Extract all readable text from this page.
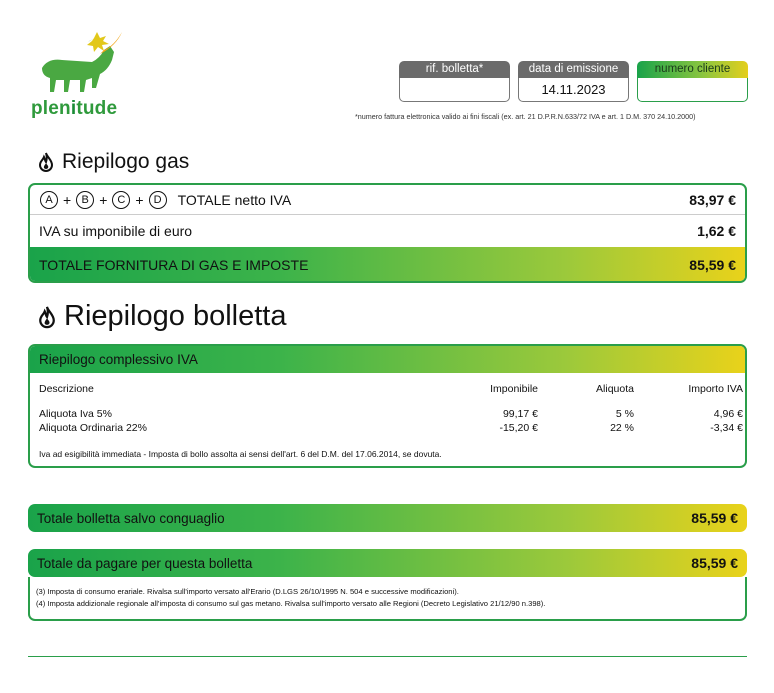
plenitude
rif. bolletta*	data di emissione
14.11.2023
numero cliente
*numero fattura elettronica valido ai fini fiscali (ex. art. 21 D.P.R.N.633/72 IVA e art. 1 D.M. 370 24.10.2000)
Riepilogo gas
A + B + C + D	TOTALE netto IVA	83,97 €
IVA su imponibile di euro	1,62 €
TOTALE FORNITURA DI GAS E IMPOSTE	85,59 €
Riepilogo bolletta
Riepilogo complessivo IVA
Descrizione	Imponibile	Aliquota	Importo IVA
Aliquota Iva 5%	99,17 €	5 %	4,96 €
Aliquota Ordinaria 22%	-15,20 €	22 %	-3,34 €
Iva ad esigibilità immediata - Imposta di bollo assolta ai sensi dell'art. 6 del D.M. del 17.06.2014, se dovuta.
Totale bolletta salvo conguaglio	85,59 €
Totale da pagare per questa bolletta	85,59 €
(3) Imposta di consumo erariale. Rivalsa sull'importo versato all'Erario (D.LGS 26/10/1995 N. 504 e successive modificazioni).
(4) Imposta addizionale regionale all'imposta di consumo sul gas metano. Rivalsa sull'importo versato alle Regioni (Decreto Legislativo 21/12/90 n.398).
